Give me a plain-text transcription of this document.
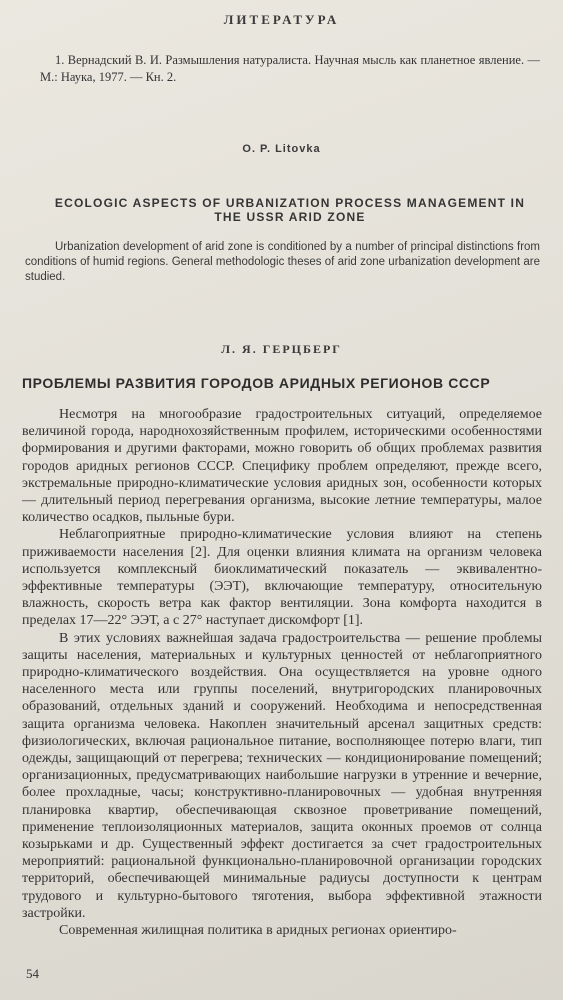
ЛИТЕРАТУРА
1. Вернадский В. И. Размышления натуралиста. Научная мысль как планетное явление. — М.: Наука, 1977. — Кн. 2.
O. P. Litovka
ECOLOGIC ASPECTS OF URBANIZATION PROCESS MANAGEMENT IN THE USSR ARID ZONE
Urbanization development of arid zone is conditioned by a number of principal distinctions from conditions of humid regions. General methodologic theses of arid zone urbanization development are studied.
Л. Я. ГЕРЦБЕРГ
ПРОБЛЕМЫ РАЗВИТИЯ ГОРОДОВ АРИДНЫХ РЕГИОНОВ СССР

Несмотря на многообразие градостроительных ситуаций, определяемое величиной города, народнохозяйственным профилем, историческими особенностями формирования и другими факторами, можно говорить об общих проблемах развития городов аридных регионов СССР. Специфику проблем определяют, прежде всего, экстремальные природно-климатические условия аридных зон, особенности которых— длительный период перегревания организма, высокие летние температуры, малое количество осадков, пыльные бури.

Неблагоприятные природно-климатические условия влияют на степень приживаемости населения [2]. Для оценки влияния климата на организм человека используется комплексный биоклиматический показатель — эквивалентно-эффективные температуры (ЭЭТ), включающие температуру, относительную влажность, скорость ветра как фактор вентиляции. Зона комфорта находится в пределах 17—22° ЭЭТ, а с 27° наступает дискомфорт [1].

В этих условиях важнейшая задача градостроительства — решение проблемы защиты населения, материальных и культурных ценностей от неблагоприятного природно-климатического воздействия. Она осуществляется на уровне одного населенного места или группы поселений, внутригородских планировочных образований, отдельных зданий и сооружений. Необходима и непосредственная защита организма человека. Накоплен значительный арсенал защитных средств: физиологических, включая рациональное питание, восполняющее потерю влаги, тип одежды, защищающий от перегрева; технических — кондиционирование помещений; организационных, предусматривающих наибольшие нагрузки в утренние и вечерние, более прохладные, часы; конструктивно-планировочных — удобная внутренняя планировка квартир, обеспечивающая сквозное проветривание помещений, применение теплоизоляционных материалов, защита оконных проемов от солнца козырьками и др. Существенный эффект достигается за счет градостроительных мероприятий: рациональной функционально-планировочной организации городских территорий, обеспечивающей минимальные радиусы доступности к центрам трудового и культурно-бытового тяготения, выбора эффективной этажности застройки.

Современная жилищная политика в аридных регионах ориентиро-

54
